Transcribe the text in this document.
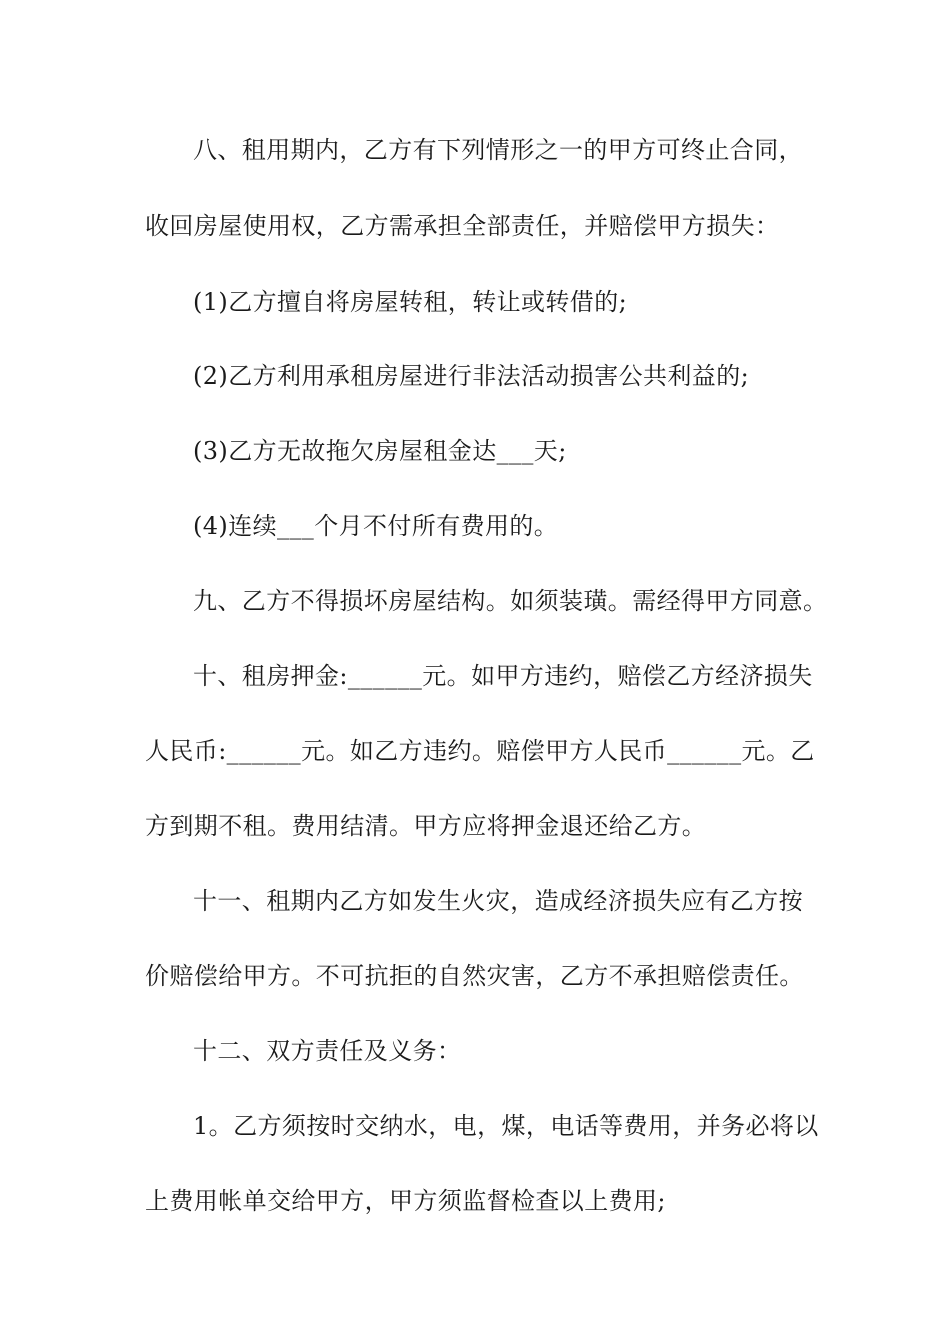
八、租用期内，乙方有下列情形之一的甲方可终止合同，
收回房屋使用权，乙方需承担全部责任，并赔偿甲方损失：
(1)乙方擅自将房屋转租，转让或转借的;
(2)乙方利用承租房屋进行非法活动损害公共利益的;
(3)乙方无故拖欠房屋租金达___天;
(4)连续___个月不付所有费用的。
九、乙方不得损坏房屋结构。如须装璜。需经得甲方同意。
十、租房押金:______元。如甲方违约，赔偿乙方经济损失
人民币:______元。如乙方违约。赔偿甲方人民币______元。乙
方到期不租。费用结清。甲方应将押金退还给乙方。
十一、租期内乙方如发生火灾，造成经济损失应有乙方按
价赔偿给甲方。不可抗拒的自然灾害，乙方不承担赔偿责任。
十二、双方责任及义务：
1。乙方须按时交纳水，电，煤，电话等费用，并务必将以
上费用帐单交给甲方，甲方须监督检查以上费用;
